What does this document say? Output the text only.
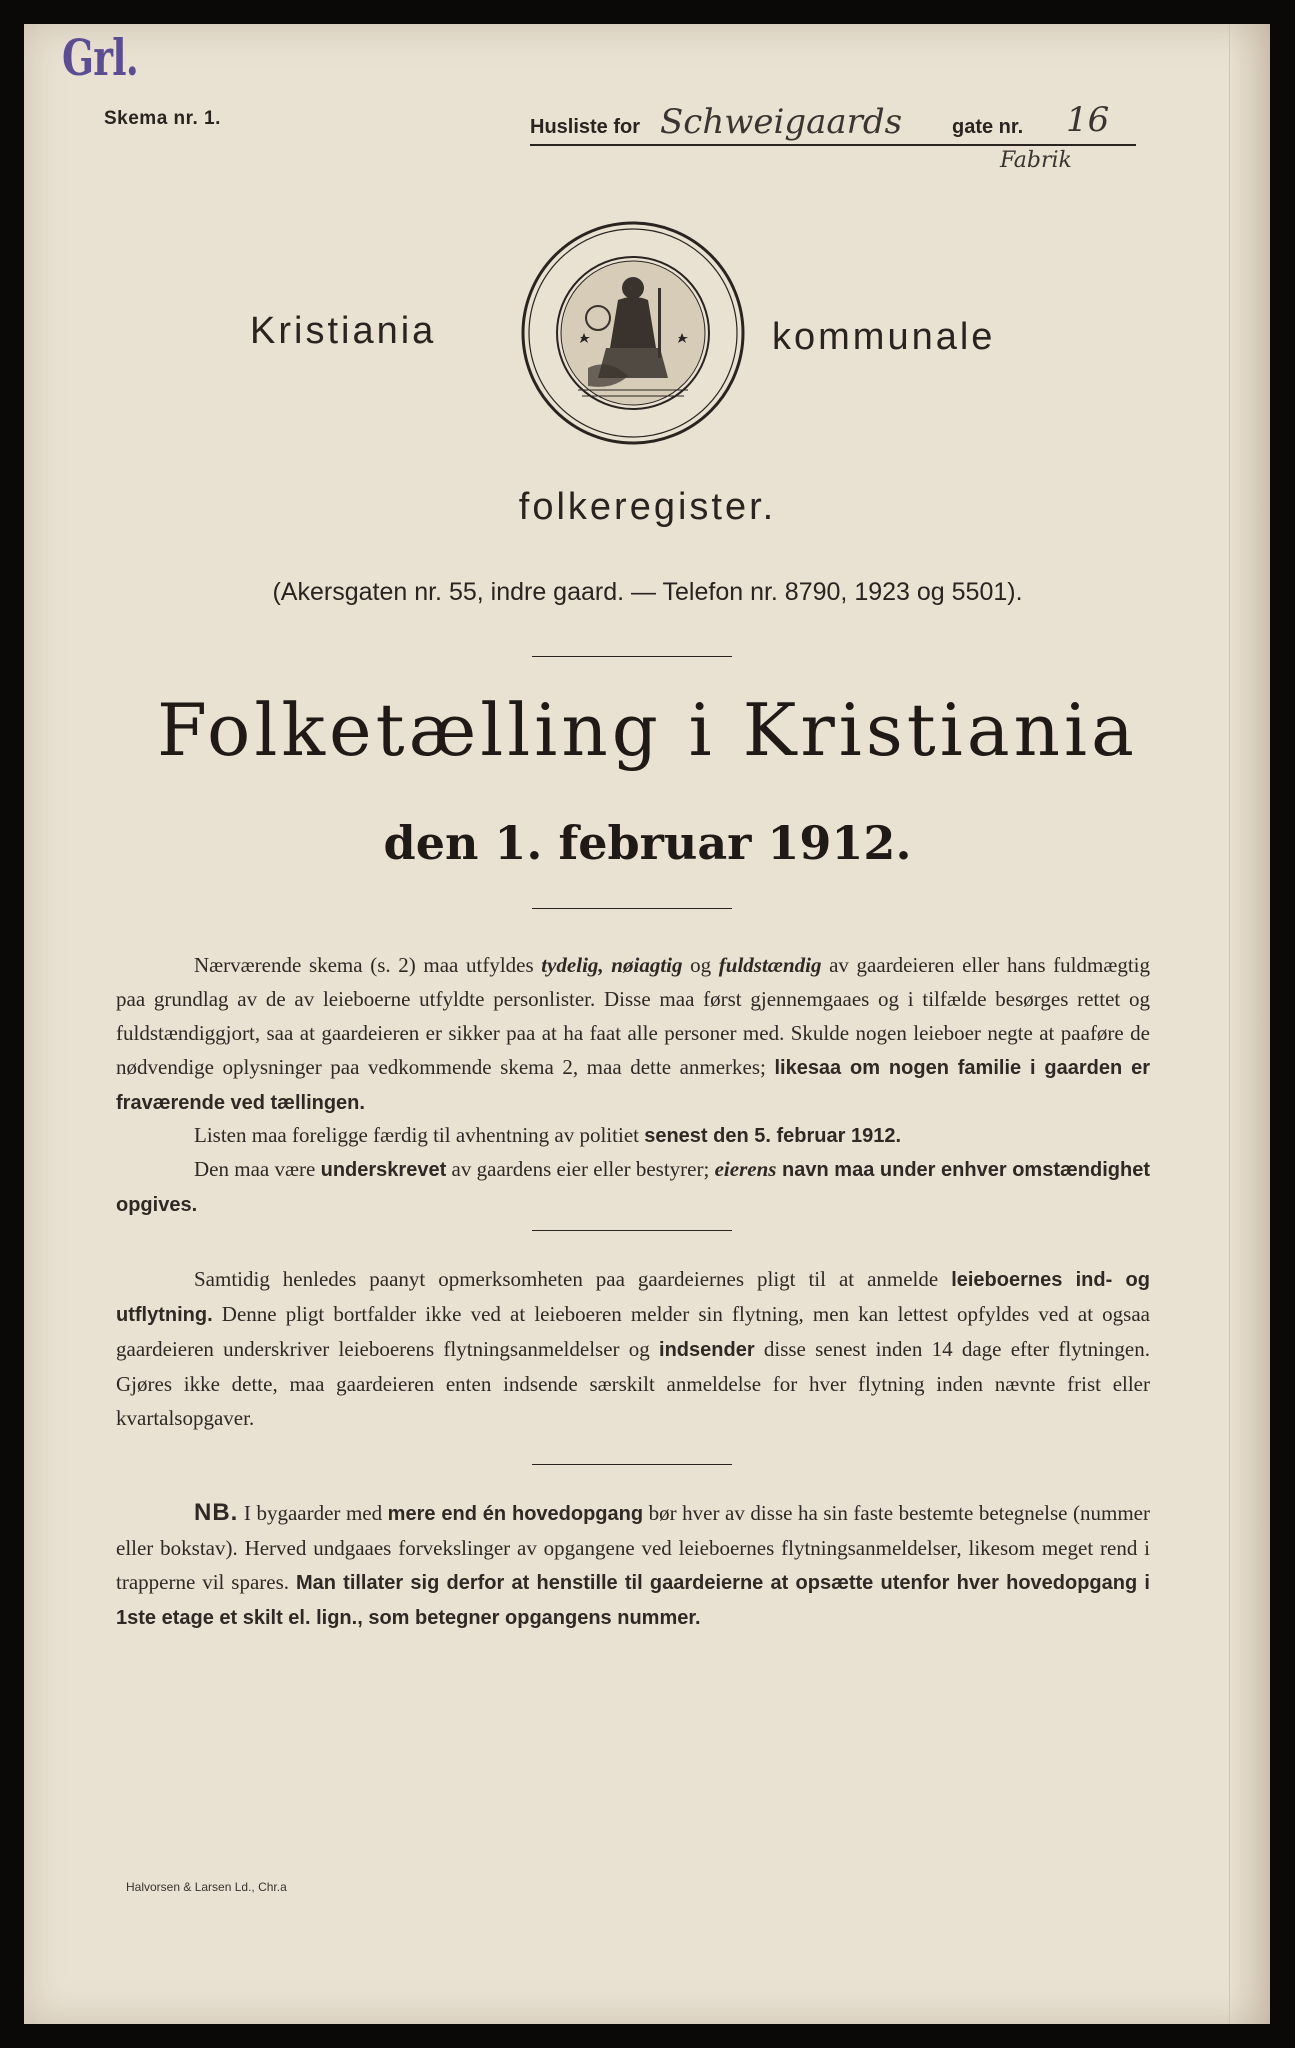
Grl.
Skema nr. 1.	Husliste for Schweigaards gate nr. 16
Fabrik
Kristiania	kommunale
folkeregister.
(Akersgaten nr. 55, indre gaard. — Telefon nr. 8790, 1923 og 5501).
Folketælling i Kristiania
den 1. februar 1912.
Nærværende skema (s. 2) maa utfyldes tydelig, nøiagtig og fuldstændig av gaardeieren eller hans fuldmægtig paa grundlag av de av leieboerne utfyldte personlister. Disse maa først gjennemgaaes og i tilfælde besørges rettet og fuldstændiggjort, saa at gaardeieren er sikker paa at ha faat alle personer med. Skulde nogen leieboer negte at paaføre de nødvendige oplysninger paa vedkommende skema 2, maa dette anmerkes; likesaa om nogen familie i gaarden er fraværende ved tællingen.
Listen maa foreligge færdig til avhentning av politiet senest den 5. februar 1912.
Den maa være underskrevet av gaardens eier eller bestyrer; eierens navn maa under enhver omstændighet opgives.
Samtidig henledes paanyt opmerksomheten paa gaardeiernes pligt til at anmelde leieboernes ind- og utflytning. Denne pligt bortfalder ikke ved at leieboeren melder sin flytning, men kan lettest opfyldes ved at ogsaa gaardeieren underskriver leieboerens flytningsanmeldelser og indsender disse senest inden 14 dage efter flytningen. Gjøres ikke dette, maa gaardeieren enten indsende særskilt anmeldelse for hver flytning inden nævnte frist eller kvartalsopgaver.
NB. I bygaarder med mere end én hovedopgang bør hver av disse ha sin faste bestemte betegnelse (nummer eller bokstav). Herved undgaaes forvekslinger av opgangene ved leieboernes flytningsanmeldelser, likesom meget rend i trapperne vil spares. Man tillater sig derfor at henstille til gaardeierne at opsætte utenfor hver hovedopgang i 1ste etage et skilt el. lign., som betegner opgangens nummer.
Halvorsen & Larsen Ld., Chr.a
